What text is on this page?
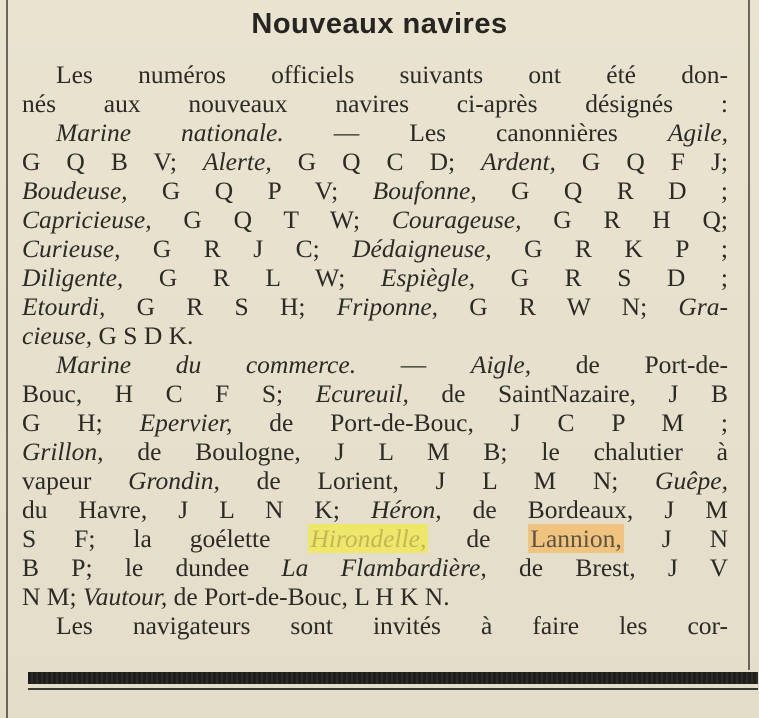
Nouveaux navires
Les numéros officiels suivants ont été don-
nés aux nouveaux navires ci-après désignés :
Marine nationale. — Les canonnières Agile,
G Q B V; Alerte, G Q C D; Ardent, G Q F J;
Boudeuse, G Q P V; Boufonne, G Q R D ;
Capricieuse, G Q T W; Courageuse, G R H Q;
Curieuse, G R J C; Dédaigneuse, G R K P ;
Diligente, G R L W; Espiègle, G R S D ;
Etourdi, G R S H; Friponne, G R W N; Gra-
cieuse, G S D K.
Marine du commerce. — Aigle, de Port-de-
Bouc, H C F S; Ecureuil, de SaintNazaire, J B
G H; Epervier, de Port-de-Bouc, J C P M ;
Grillon, de Boulogne, J L M B; le chalutier à
vapeur Grondin, de Lorient, J L M N; Guêpe,
du Havre, J L N K; Héron, de Bordeaux, J M
S F; la goélette Hirondelle, de Lannion, J N
B P; le dundee La Flambardière, de Brest, J V
N M; Vautour, de Port-de-Bouc, L H K N.
Les navigateurs sont invités à faire les cor-
